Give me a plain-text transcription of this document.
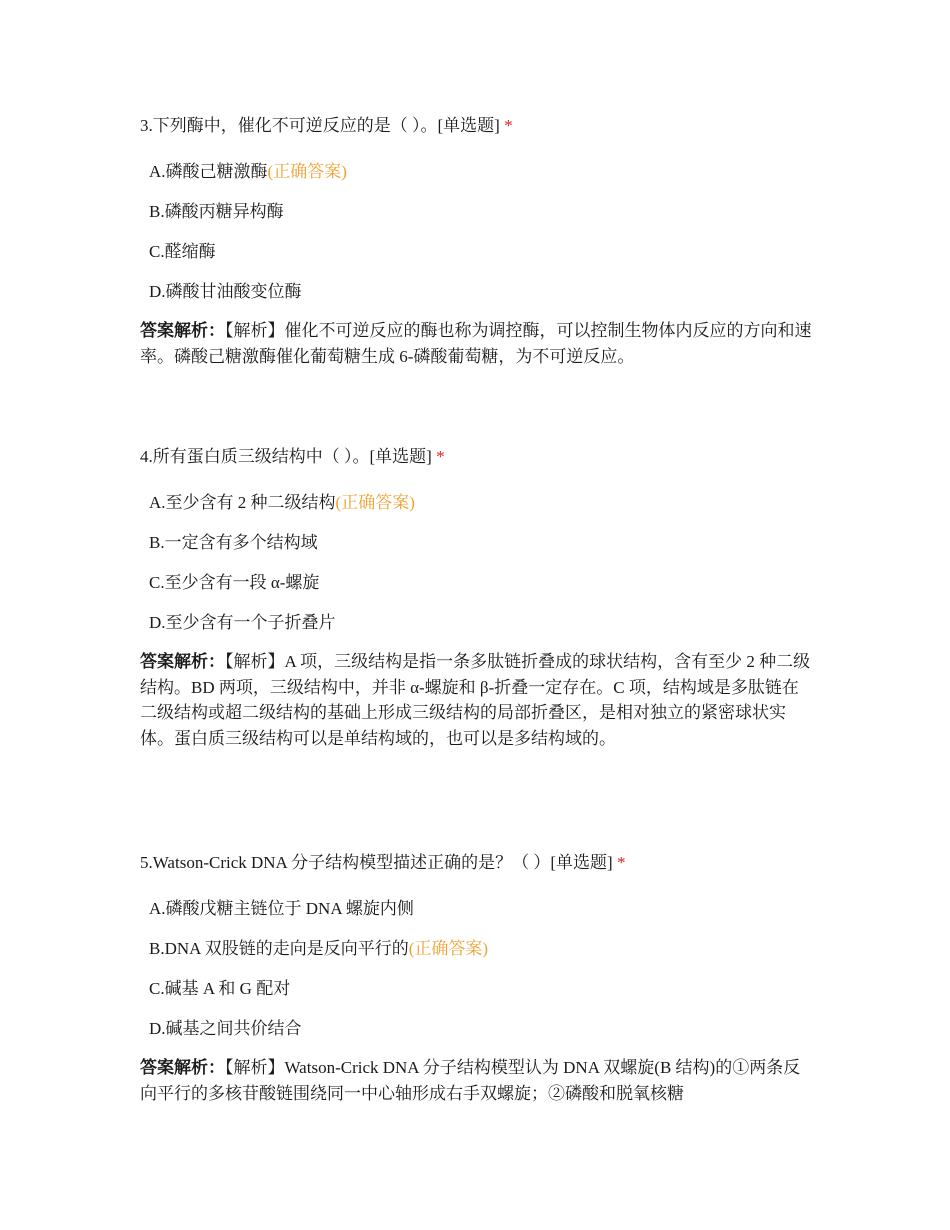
3.下列酶中，催化不可逆反应的是（ ）。[单选题] *
A.磷酸己糖激酶(正确答案)
B.磷酸丙糖异构酶
C.醛缩酶
D.磷酸甘油酸变位酶
答案解析：【解析】催化不可逆反应的酶也称为调控酶，可以控制生物体内反应的方向和速率。磷酸己糖激酶催化葡萄糖生成 6-磷酸葡萄糖，为不可逆反应。
4.所有蛋白质三级结构中（ ）。[单选题] *
A.至少含有 2 种二级结构(正确答案)
B.一定含有多个结构域
C.至少含有一段 α-螺旋
D.至少含有一个子折叠片
答案解析：【解析】A 项，三级结构是指一条多肽链折叠成的球状结构，含有至少 2 种二级结构。BD 两项，三级结构中，并非 α-螺旋和 β-折叠一定存在。C 项，结构域是多肽链在二级结构或超二级结构的基础上形成三级结构的局部折叠区，是相对独立的紧密球状实体。蛋白质三级结构可以是单结构域的，也可以是多结构域的。
5.Watson-Crick DNA 分子结构模型描述正确的是？（ ）[单选题] *
A.磷酸戊糖主链位于 DNA 螺旋内侧
B.DNA 双股链的走向是反向平行的(正确答案)
C.碱基 A 和 G 配对
D.碱基之间共价结合
答案解析：【解析】Watson-Crick DNA 分子结构模型认为 DNA 双螺旋(B 结构)的①两条反向平行的多核苷酸链围绕同一中心轴形成右手双螺旋；②磷酸和脱氧核糖
